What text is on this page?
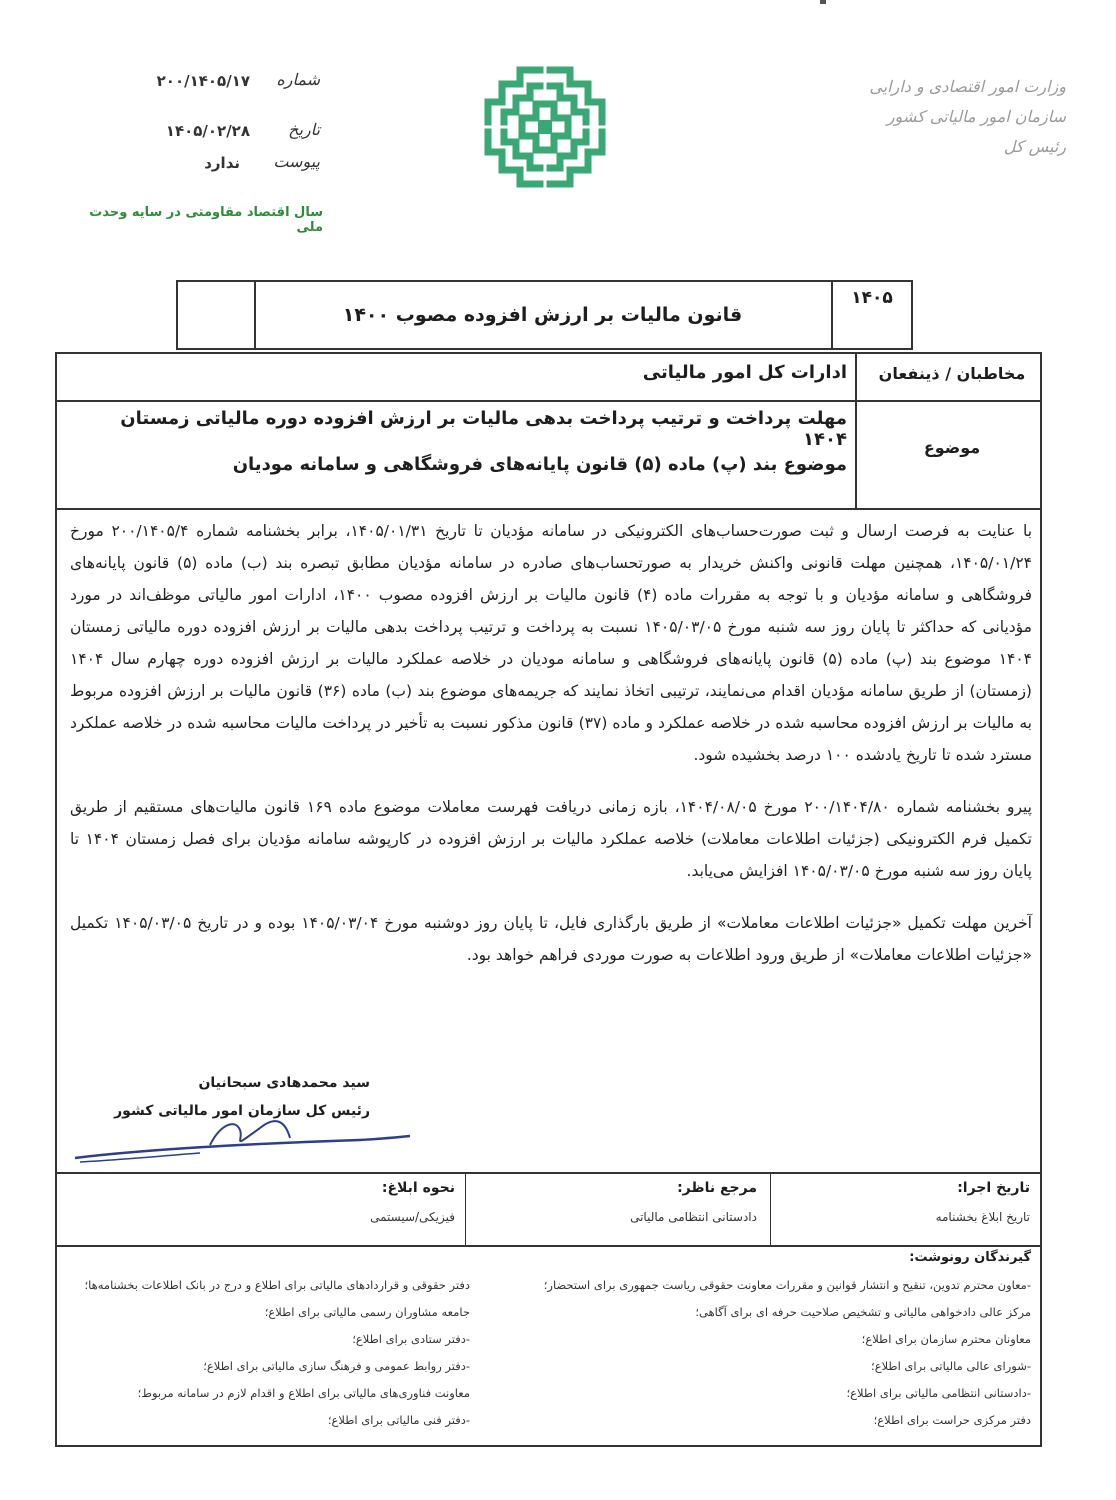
وزارت امور اقتصادی و دارایی
سازمان امور مالیاتی کشور
رئیس کل
شماره
۲۰۰/۱۴۰۵/۱۷
تاریخ
۱۴۰۵/۰۲/۲۸
پیوست
ندارد
سال اقتصاد مقاومتی در سایه وحدت ملی
قانون مالیات بر ارزش افزوده مصوب ۱۴۰۰
۱۴۰۵
مخاطبان / ذینفعان
ادارات کل امور مالیاتی
موضوع
مهلت پرداخت و ترتیب پرداخت بدهی مالیات بر ارزش افزوده دوره مالیاتی زمستان ۱۴۰۴
موضوع بند (پ) ماده (۵) قانون پایانه‌های فروشگاهی و سامانه مودیان

با عنایت به فرصت ارسال و ثبت صورت‌حساب‌های الکترونیکی در سامانه مؤدیان تا تاریخ ۱۴۰۵/۰۱/۳۱، برابر بخشنامه شماره ۲۰۰/۱۴۰۵/۴ مورخ ۱۴۰۵/۰۱/۲۴، همچنین مهلت قانونی واکنش خریدار به صورتحساب‌های صادره در سامانه مؤدیان مطابق تبصره بند (ب) ماده (۵) قانون پایانه‌های فروشگاهی و سامانه مؤدیان و با توجه به مقررات ماده (۴) قانون مالیات بر ارزش افزوده مصوب ۱۴۰۰، ادارات امور مالیاتی موظف‌اند در مورد مؤدیانی که حداکثر تا پایان روز سه شنبه مورخ ۱۴۰۵/۰۳/۰۵ نسبت به پرداخت و ترتیب پرداخت بدهی مالیات بر ارزش افزوده دوره مالیاتی زمستان ۱۴۰۴ موضوع بند (پ) ماده (۵) قانون پایانه‌های فروشگاهی و سامانه مودیان در خلاصه عملکرد مالیات بر ارزش افزوده دوره چهارم سال ۱۴۰۴ (زمستان) از طریق سامانه مؤدیان اقدام می‌نمایند، ترتیبی اتخاذ نمایند که جریمه‌های موضوع بند (ب) ماده (۳۶) قانون مالیات بر ارزش افزوده مربوط به مالیات بر ارزش افزوده محاسبه شده در خلاصه عملکرد و ماده (۳۷) قانون مذکور نسبت به تأخیر در پرداخت مالیات محاسبه شده در خلاصه عملکرد مسترد شده تا تاریخ یادشده ۱۰۰ درصد بخشیده شود.

پیرو بخشنامه شماره ۲۰۰/۱۴۰۴/۸۰ مورخ ۱۴۰۴/۰۸/۰۵، بازه زمانی دریافت فهرست معاملات موضوع ماده ۱۶۹ قانون مالیات‌های مستقیم از طریق تکمیل فرم الکترونیکی (جزئیات اطلاعات معاملات) خلاصه عملکرد مالیات بر ارزش افزوده در کارپوشه سامانه مؤدیان برای فصل زمستان ۱۴۰۴ تا پایان روز سه شنبه مورخ ۱۴۰۵/۰۳/۰۵ افزایش می‌یابد.

آخرین مهلت تکمیل «جزئیات اطلاعات معاملات» از طریق بارگذاری فایل، تا پایان روز دوشنبه مورخ ۱۴۰۵/۰۳/۰۴ بوده و در تاریخ ۱۴۰۵/۰۳/۰۵ تکمیل «جزئیات اطلاعات معاملات» از طریق ورود اطلاعات به صورت موردی فراهم خواهد بود.

سید محمدهادی سبحانیان
رئیس کل سازمان امور مالیاتی کشور
تاریخ اجرا:
تاریخ ابلاغ بخشنامه
مرجع ناظر:
دادستانی انتظامی مالیاتی
نحوه ابلاغ:
فیزیکی/سیستمی
گیرندگان رونوشت:
-معاون محترم تدوین، تنقیح و انتشار قوانین و مقررات معاونت حقوقی ریاست جمهوری برای استحضار؛
مرکز عالی دادخواهی مالیاتی و تشخیص صلاحیت حرفه ای برای آگاهی؛
معاونان محترم سازمان برای اطلاع؛
-شورای عالی مالیاتی برای اطلاع؛
-دادستانی انتظامی مالیاتی برای اطلاع؛
دفتر مرکزی حراست برای اطلاع؛
دفتر حقوقی و قراردادهای مالیاتی برای اطلاع و درج در بانک اطلاعات بخشنامه‌ها؛
جامعه مشاوران رسمی مالیاتی برای اطلاع؛
-دفتر ستادی برای اطلاع؛
-دفتر روابط عمومی و فرهنگ سازی مالیاتی برای اطلاع؛
معاونت فناوری‌های مالیاتی برای اطلاع و اقدام لازم در سامانه مربوط؛
-دفتر فنی مالیاتی برای اطلاع؛
